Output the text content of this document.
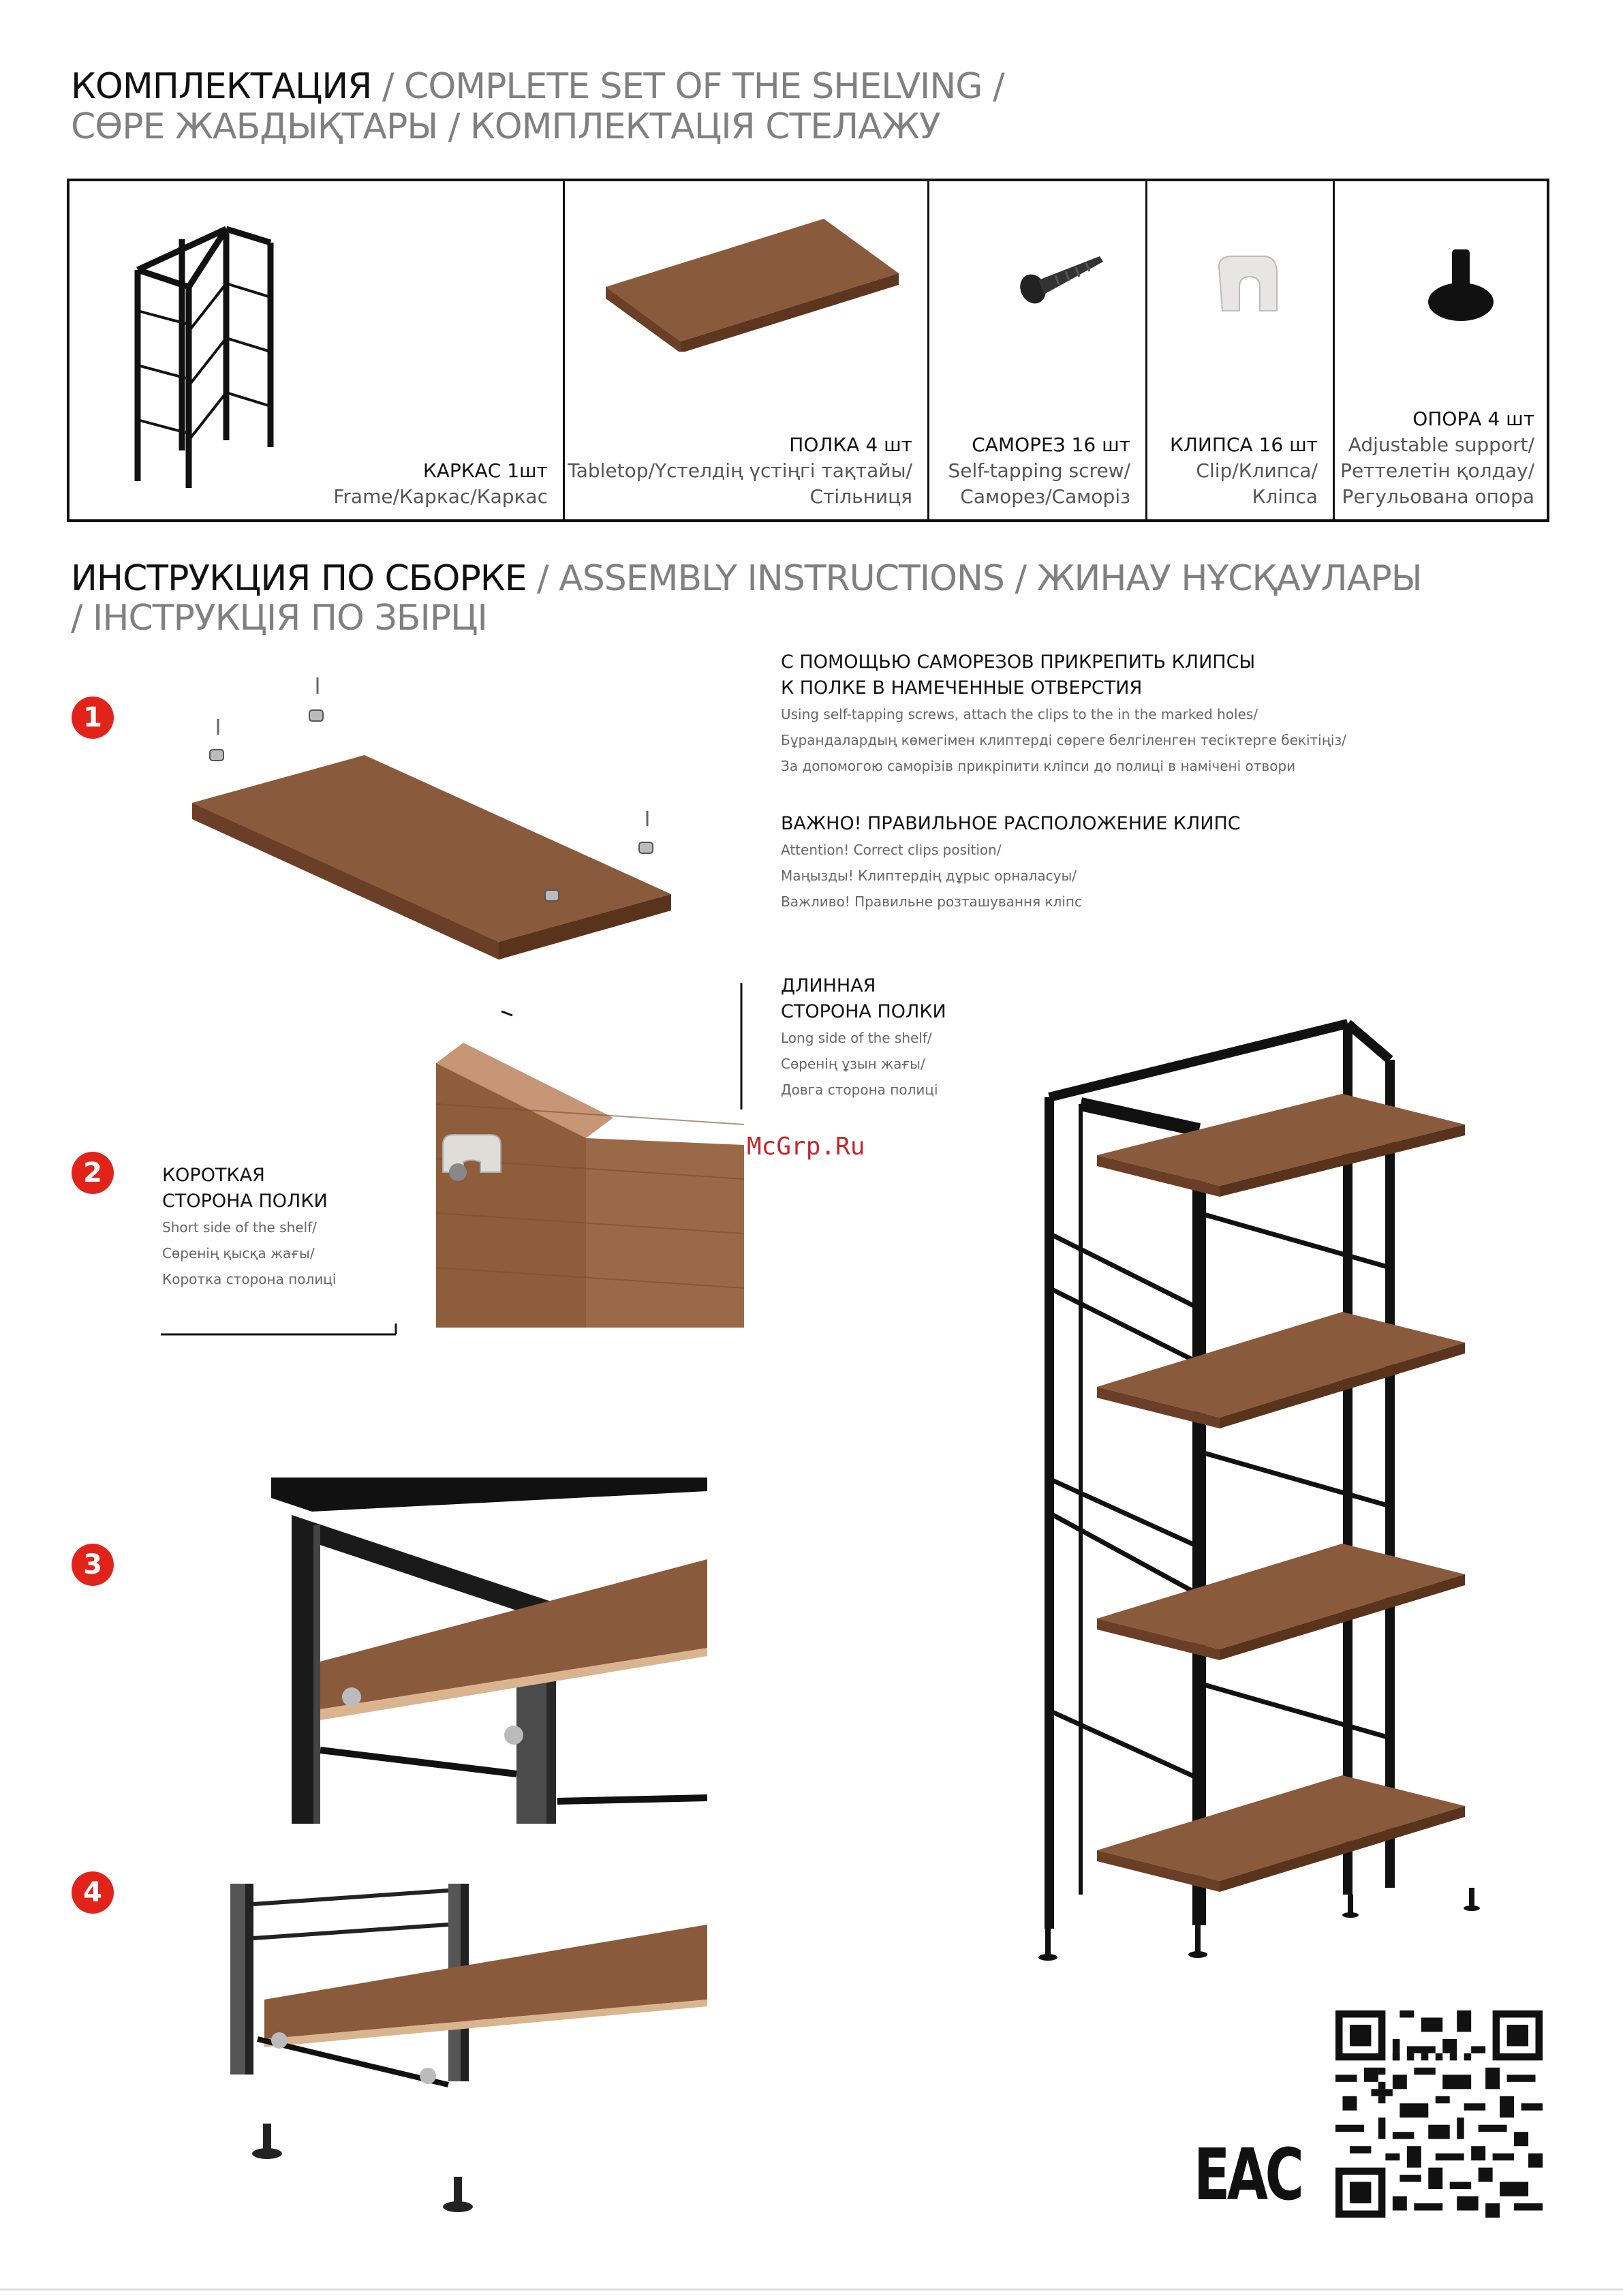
КОМПЛЕКТАЦИЯ / COMPLETE SET OF THE SHELVING /
СӨРЕ ЖАБДЫҚТАРЫ / КОМПЛЕКТАЦІЯ СТЕЛАЖУ
КАРКАС 1шт
Frame/Каркас/Каркас
ПОЛКА 4 шт
Tabletop/Үстелдің үстіңгі тақтайы/
Стільниця
САМОРЕЗ 16 шт
Self-tapping screw/
Саморез/Саморіз
КЛИПСА 16 шт
Clip/Клипса/
Кліпса
ОПОРА 4 шт
Adjustable support/
Реттелетін қолдау/
Регульована опора
ИНСТРУКЦИЯ ПО СБОРКЕ / ASSEMBLY INSTRUCTIONS / ЖИНАУ НҰСҚАУЛАРЫ
/ ІНСТРУКЦІЯ ПО ЗБІРЦІ
1
2
3
4
С ПОМОЩЬЮ САМОРЕЗОВ ПРИКРЕПИТЬ КЛИПСЫ
К ПОЛКЕ В НАМЕЧЕННЫЕ ОТВЕРСТИЯ
Using self-tapping screws, attach the clips to the in the marked holes/
Бұрандалардың көмегімен клиптерді сөреге белгіленген тесіктерге бекітіңіз/
За допомогою саморізів прикріпити кліпси до полиці в намічені отвори
ВАЖНО! ПРАВИЛЬНОЕ РАСПОЛОЖЕНИЕ КЛИПС
Attention! Correct clips position/
Маңызды! Клиптердің дұрыс орналасуы/
Важливо! Правильне розташування кліпс
ДЛИННАЯ
СТОРОНА ПОЛКИ
Long side of the shelf/
Сөренің ұзын жағы/
Довга сторона полиці
McGrp.Ru
КОРОТКАЯ
СТОРОНА ПОЛКИ
Short side of the shelf/
Сөренің қысқа жағы/
Коротка сторона полиці
EAC
